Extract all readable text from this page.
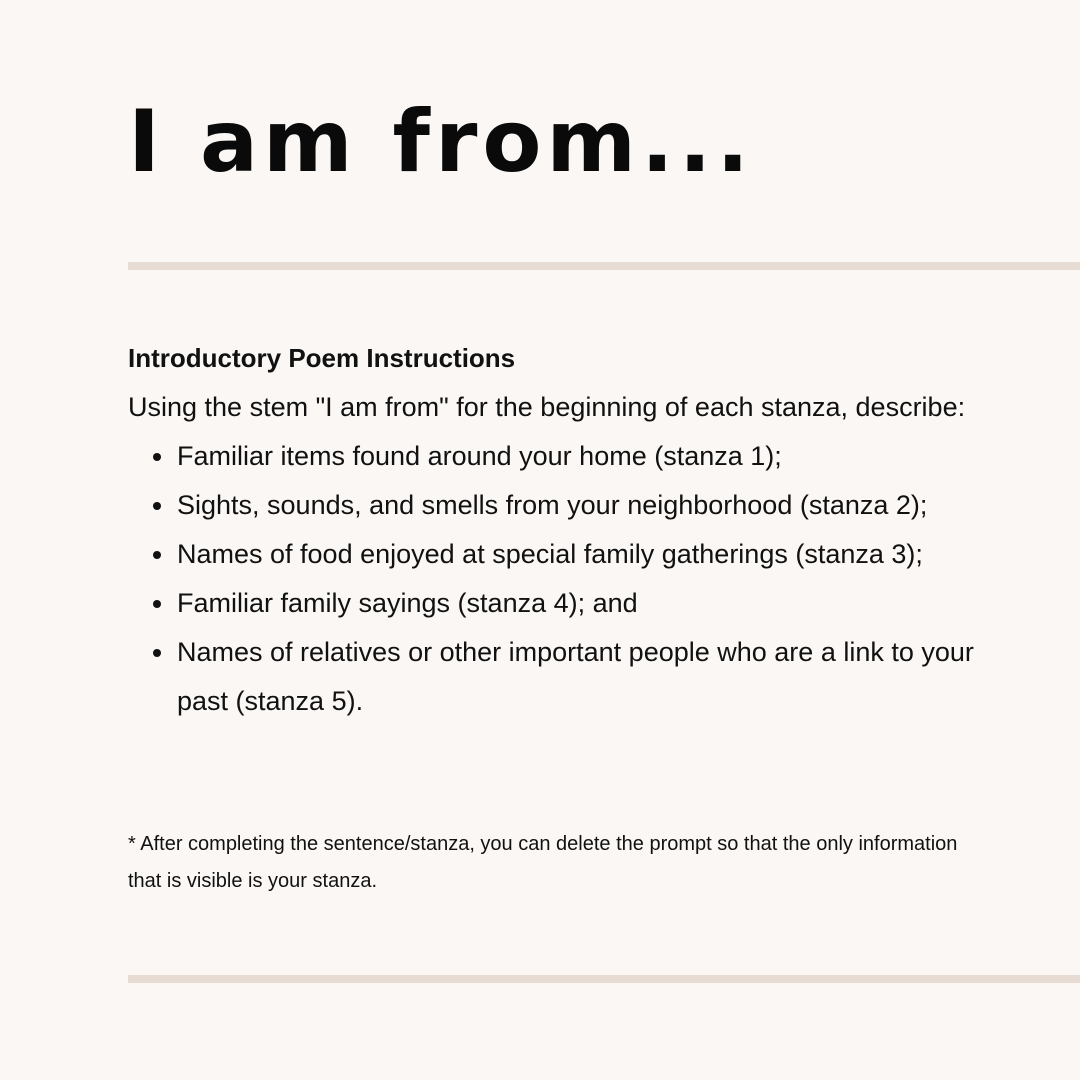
I am from...

Introductory Poem Instructions

Using the stem "I am from" for the beginning of each stanza, describe:

Familiar items found around your home (stanza 1);
Sights, sounds, and smells from your neighborhood (stanza 2);
Names of food enjoyed at special family gatherings (stanza 3);
Familiar family sayings (stanza 4); and
Names of relatives or other important people who are a link to your past (stanza 5).

* After completing the sentence/stanza, you can delete the prompt so that the only information that is visible is your stanza.
